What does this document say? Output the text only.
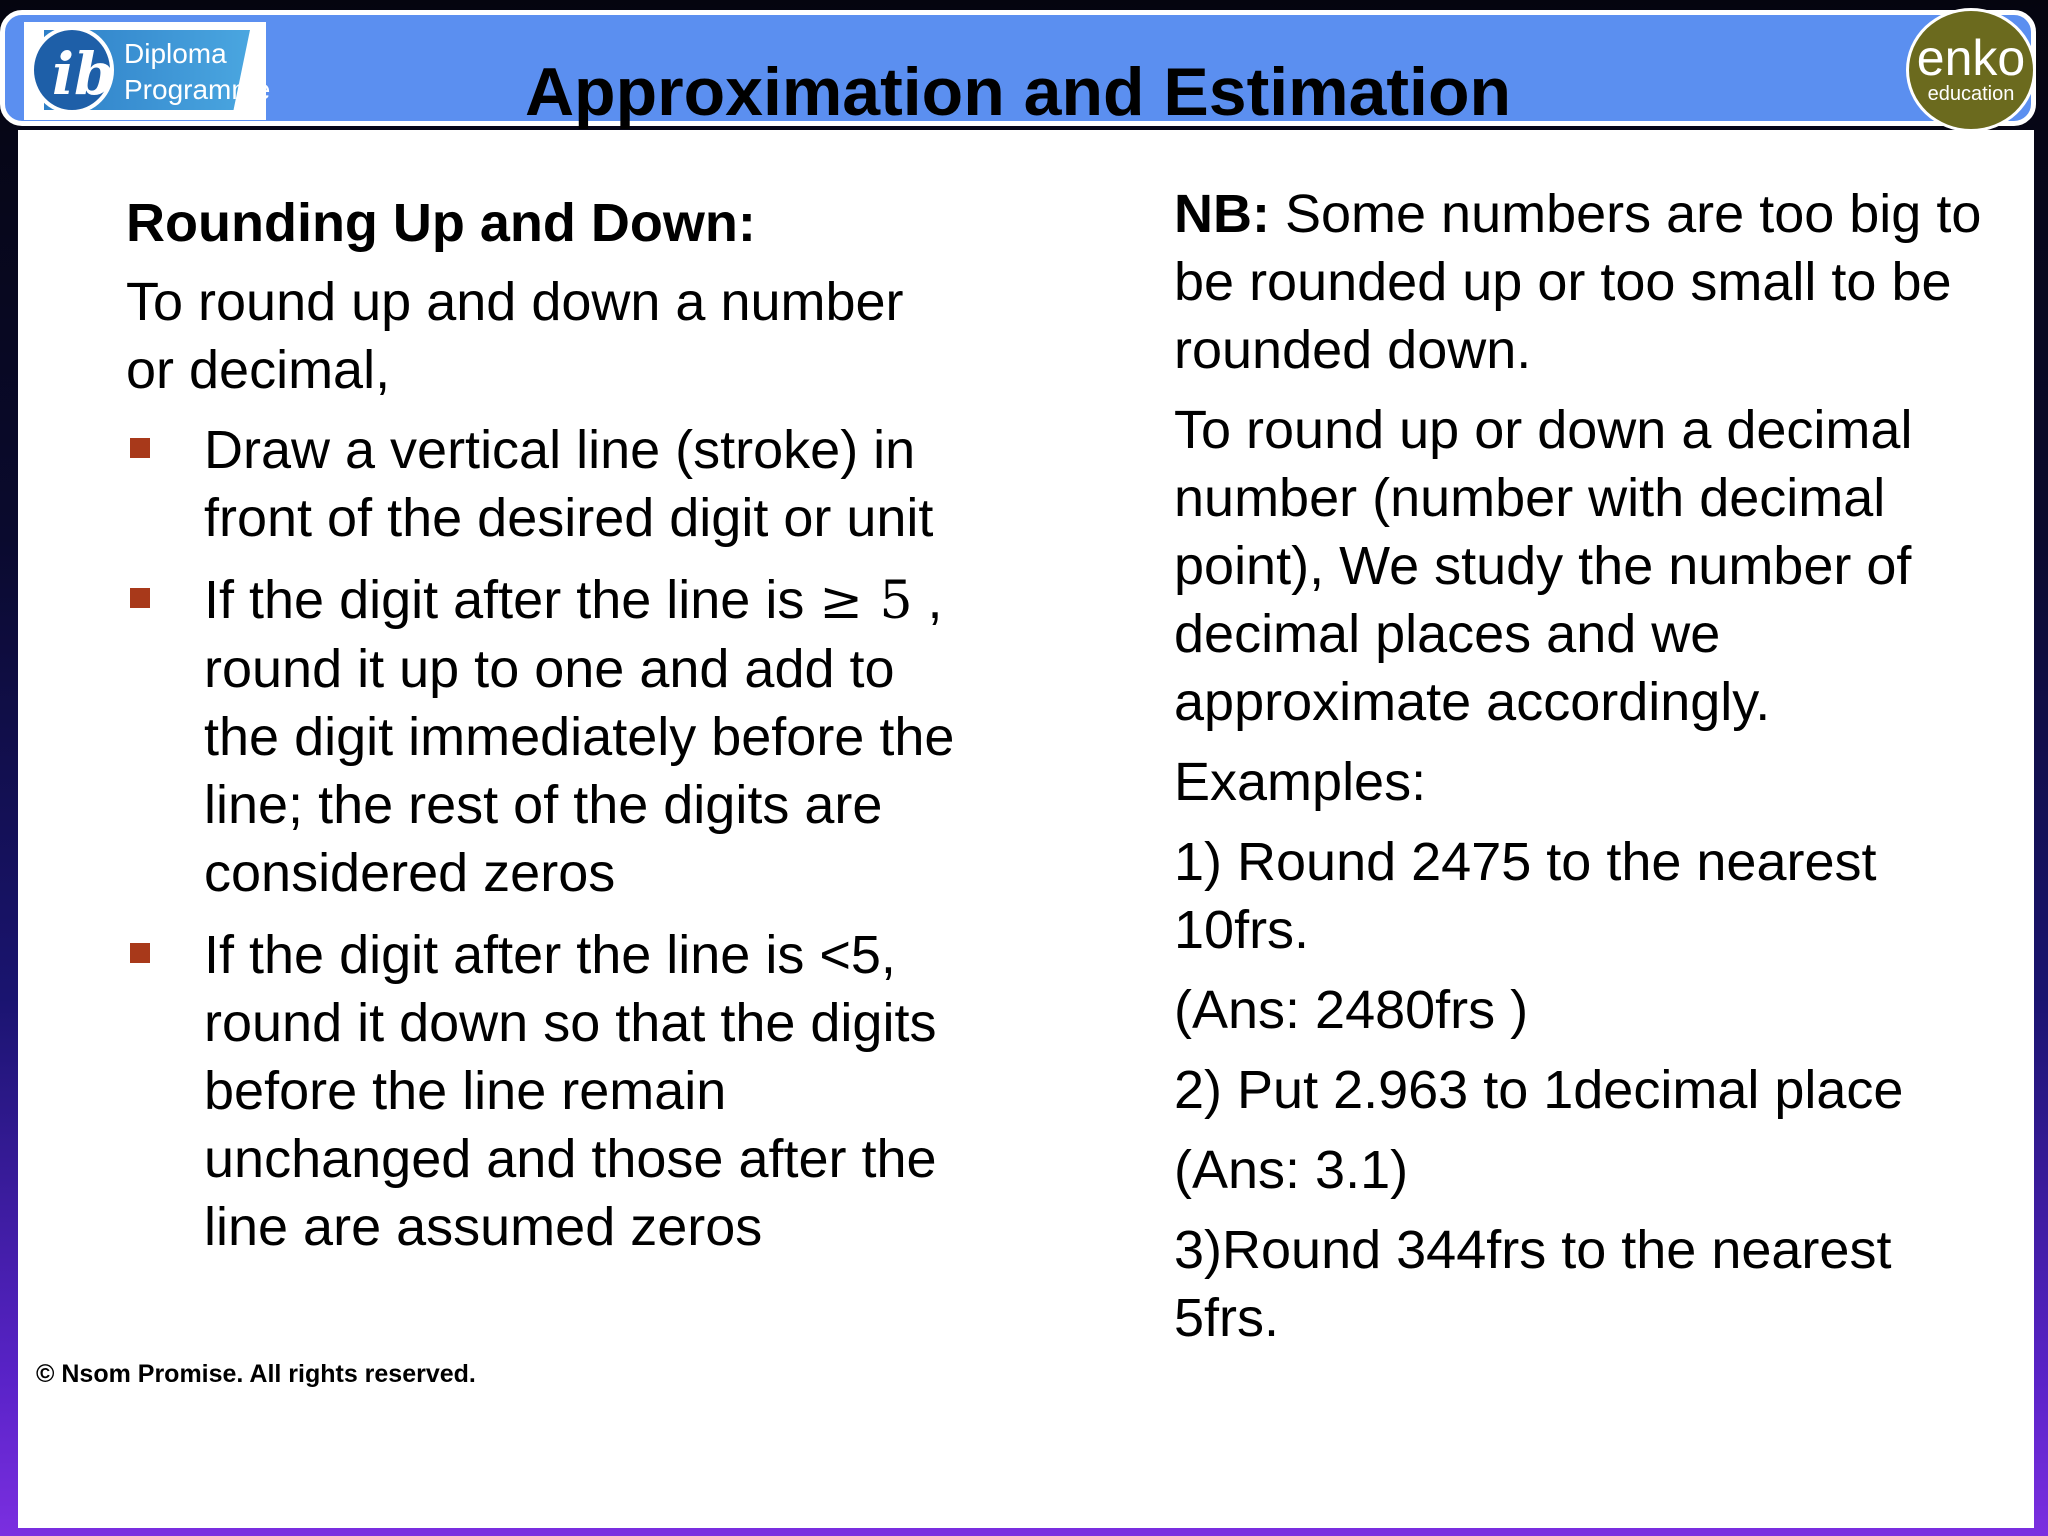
ib Diploma
Programme	Approximation and Estimation	enko
education
Rounding Up and Down:

To round up and down a number or decimal,

Draw a vertical line (stroke) in front of the desired digit or unit
If the digit after the line is ≥ 5 , round it up to one and add to the digit immediately before the line; the rest of the digits are considered zeros
If the digit after the line is <5, round it down so that the digits before the line remain unchanged and those after the line are assumed zeros

NB: Some numbers are too big to be rounded up or too small to be rounded down.

To round up or down a decimal number (number with decimal point), We study the number of decimal places and we approximate accordingly.

Examples:

1) Round 2475 to the nearest 10frs.

(Ans: 2480frs )

2) Put 2.963 to 1decimal place

(Ans: 3.1)

3)Round 344frs to the nearest 5frs.

© Nsom Promise. All rights reserved.
